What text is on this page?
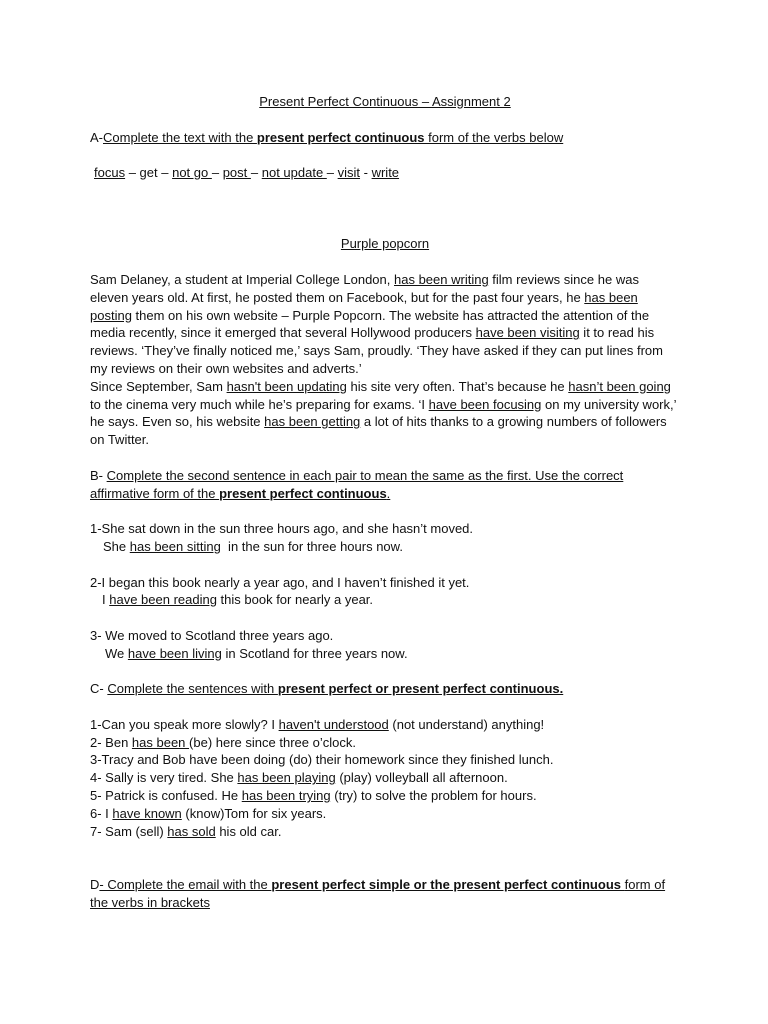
Present Perfect Continuous – Assignment 2

A-Complete the text with the present perfect continuous form of the verbs below

focus – get – not go – post – not update – visit - write

Purple popcorn

Sam Delaney, a student at Imperial College London, has been writing film reviews since he was eleven years old. At first, he posted them on Facebook, but for the past four years, he has been posting them on his own website – Purple Popcorn. The website has attracted the attention of the media recently, since it emerged that several Hollywood producers have been visiting it to read his reviews. ‘They’ve finally noticed me,’ says Sam, proudly. ‘They have asked if they can put lines from my reviews on their own websites and adverts.’

Since September, Sam hasn't been updating his site very often. That’s because he hasn’t been going to the cinema very much while he’s preparing for exams. ‘I have been focusing on my university work,’ he says. Even so, his website has been getting a lot of hits thanks to a growing numbers of followers on Twitter.

B- Complete the second sentence in each pair to mean the same as the first. Use the correct affirmative form of the present perfect continuous.

1-She sat down in the sun three hours ago, and she hasn’t moved.
She has been sitting  in the sun for three hours now.
2-I began this book nearly a year ago, and I haven’t finished it yet.
I have been reading this book for nearly a year.
3- We moved to Scotland three years ago.
We have been living in Scotland for three years now.

C- Complete the sentences with present perfect or present perfect continuous.

1-Can you speak more slowly? I haven't understood (not understand) anything!
2- Ben has been (be) here since three o’clock.
3-Tracy and Bob have been doing (do) their homework since they finished lunch.
4- Sally is very tired. She has been playing (play) volleyball all afternoon.
5- Patrick is confused. He has been trying (try) to solve the problem for hours.
6- I have known (know)Tom for six years.
7- Sam (sell) has sold his old car.

D- Complete the email with the present perfect simple or the present perfect continuous form of the verbs in brackets
